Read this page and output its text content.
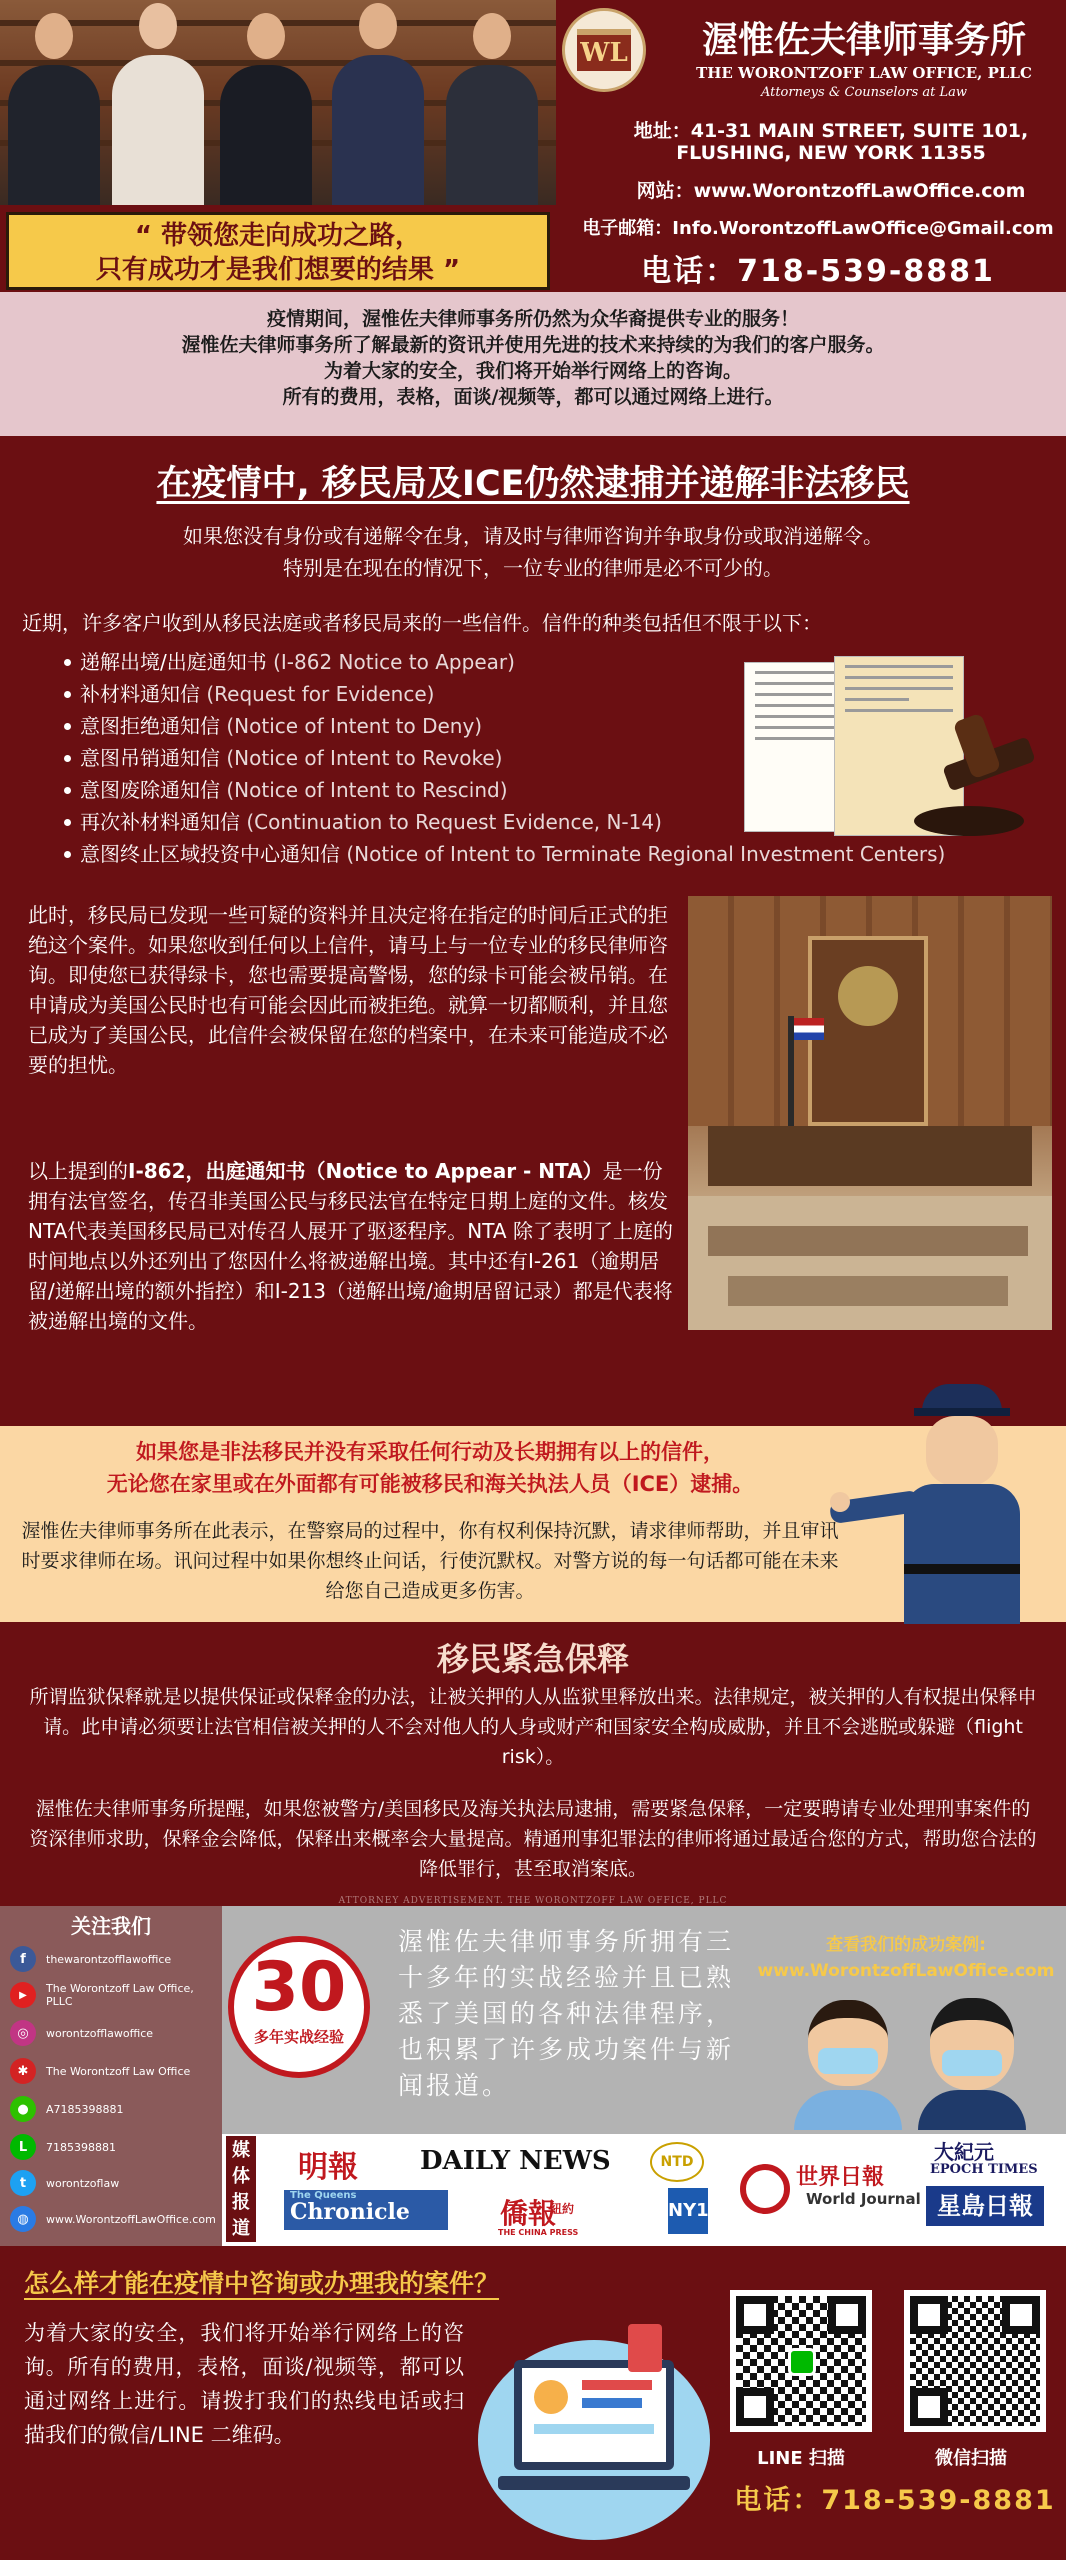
“ 带领您走向成功之路，
只有成功才是我们想要的结果 ”
WL	渥惟佐夫律师事务所
THE WORONTZOFF LAW OFFICE, PLLC
Attorneys & Counselors at Law
地址：41-31 MAIN STREET, SUITE 101, FLUSHING, NEW YORK 11355
网站：www.WorontzoffLawOffice.com
电子邮箱：Info.WorontzoffLawOffice@Gmail.com
电话：718-539-8881
疫情期间，渥惟佐夫律师事务所仍然为众华裔提供专业的服务！
渥惟佐夫律师事务所了解最新的资讯并使用先进的技术来持续的为我们的客户服务。
为着大家的安全，我们将开始举行网络上的咨询。
所有的费用，表格，面谈/视频等，都可以通过网络上进行。
在疫情中, 移民局及ICE仍然逮捕并递解非法移民
如果您没有身份或有递解令在身，请及时与律师咨询并争取身份或取消递解令。
特别是在现在的情况下，一位专业的律师是必不可少的。
近期，许多客户收到从移民法庭或者移民局来的一些信件。信件的种类包括但不限于以下：
递解出境/出庭通知书 (I-862 Notice to Appear)
补材料通知信 (Request for Evidence)
意图拒绝通知信 (Notice of Intent to Deny)
意图吊销通知信 (Notice of Intent to Revoke)
意图废除通知信 (Notice of Intent to Rescind)
再次补材料通知信 (Continuation to Request Evidence, N-14)
意图终止区域投资中心通知信 (Notice of Intent to Terminate Regional Investment Centers)
此时，移民局已发现一些可疑的资料并且决定将在指定的时间后正式的拒绝这个案件。如果您收到任何以上信件，请马上与一位专业的移民律师咨询。即使您已获得绿卡，您也需要提高警惕，您的绿卡可能会被吊销。在申请成为美国公民时也有可能会因此而被拒绝。就算一切都顺利，并且您已成为了美国公民，此信件会被保留在您的档案中，在未来可能造成不必要的担忧。
以上提到的I-862，出庭通知书（Notice to Appear - NTA）是一份拥有法官签名，传召非美国公民与移民法官在特定日期上庭的文件。核发NTA代表美国移民局已对传召人展开了驱逐程序。NTA 除了表明了上庭的时间地点以外还列出了您因什么将被递解出境。其中还有I-261（逾期居留/递解出境的额外指控）和I-213（递解出境/逾期居留记录）都是代表将被递解出境的文件。
如果您是非法移民并没有采取任何行动及长期拥有以上的信件，
无论您在家里或在外面都有可能被移民和海关执法人员（ICE）逮捕。
渥惟佐夫律师事务所在此表示，在警察局的过程中，你有权利保持沉默，请求律师帮助，并且审讯时要求律师在场。讯问过程中如果你想终止问话，行使沉默权。对警方说的每一句话都可能在未来给您自己造成更多伤害。
移民紧急保释
所谓监狱保释就是以提供保证或保释金的办法，让被关押的人从监狱里释放出来。法律规定，被关押的人有权提出保释申请。此申请必须要让法官相信被关押的人不会对他人的人身或财产和国家安全构成威胁，并且不会逃脱或躲避（flight risk）。
渥惟佐夫律师事务所提醒，如果您被警方/美国移民及海关执法局逮捕，需要紧急保释，一定要聘请专业处理刑事案件的资深律师求助，保释金会降低，保释出来概率会大量提高。精通刑事犯罪法的律师将通过最适合您的方式，帮助您合法的降低罪行，甚至取消案底。
ATTORNEY ADVERTISEMENT. THE WORONTZOFF LAW OFFICE, PLLC
关注我们
f	thewarontzofflawoffice
▶	The Worontzoff Law Office, PLLC
◎	worontzofflawoffice
✱	The Worontzoff Law Office
●	A7185398881
L	7185398881
t	worontzoflaw
◍	www.WorontzoffLawOffice.com
30
多年实战经验
渥惟佐夫律师事务所拥有三十多年的实战经验并且已熟悉了美国的各种法律程序，也积累了许多成功案件与新闻报道。
查看我们的成功案例:
www.WorontzoffLawOffice.com
媒体报道
明報 DAILY NEWS	NTD
世界日報
World Journal
大紀元
EPOCH TIMES
The Queens
Chronicle	僑報
紐約
THE CHINA PRESS
NY1	星島日報
怎么样才能在疫情中咨询或办理我的案件？
为着大家的安全，我们将开始举行网络上的咨询。所有的费用，表格，面谈/视频等，都可以通过网络上进行。请拨打我们的热线电话或扫描我们的微信/LINE 二维码。
LINE 扫描	微信扫描
电话：718-539-8881
